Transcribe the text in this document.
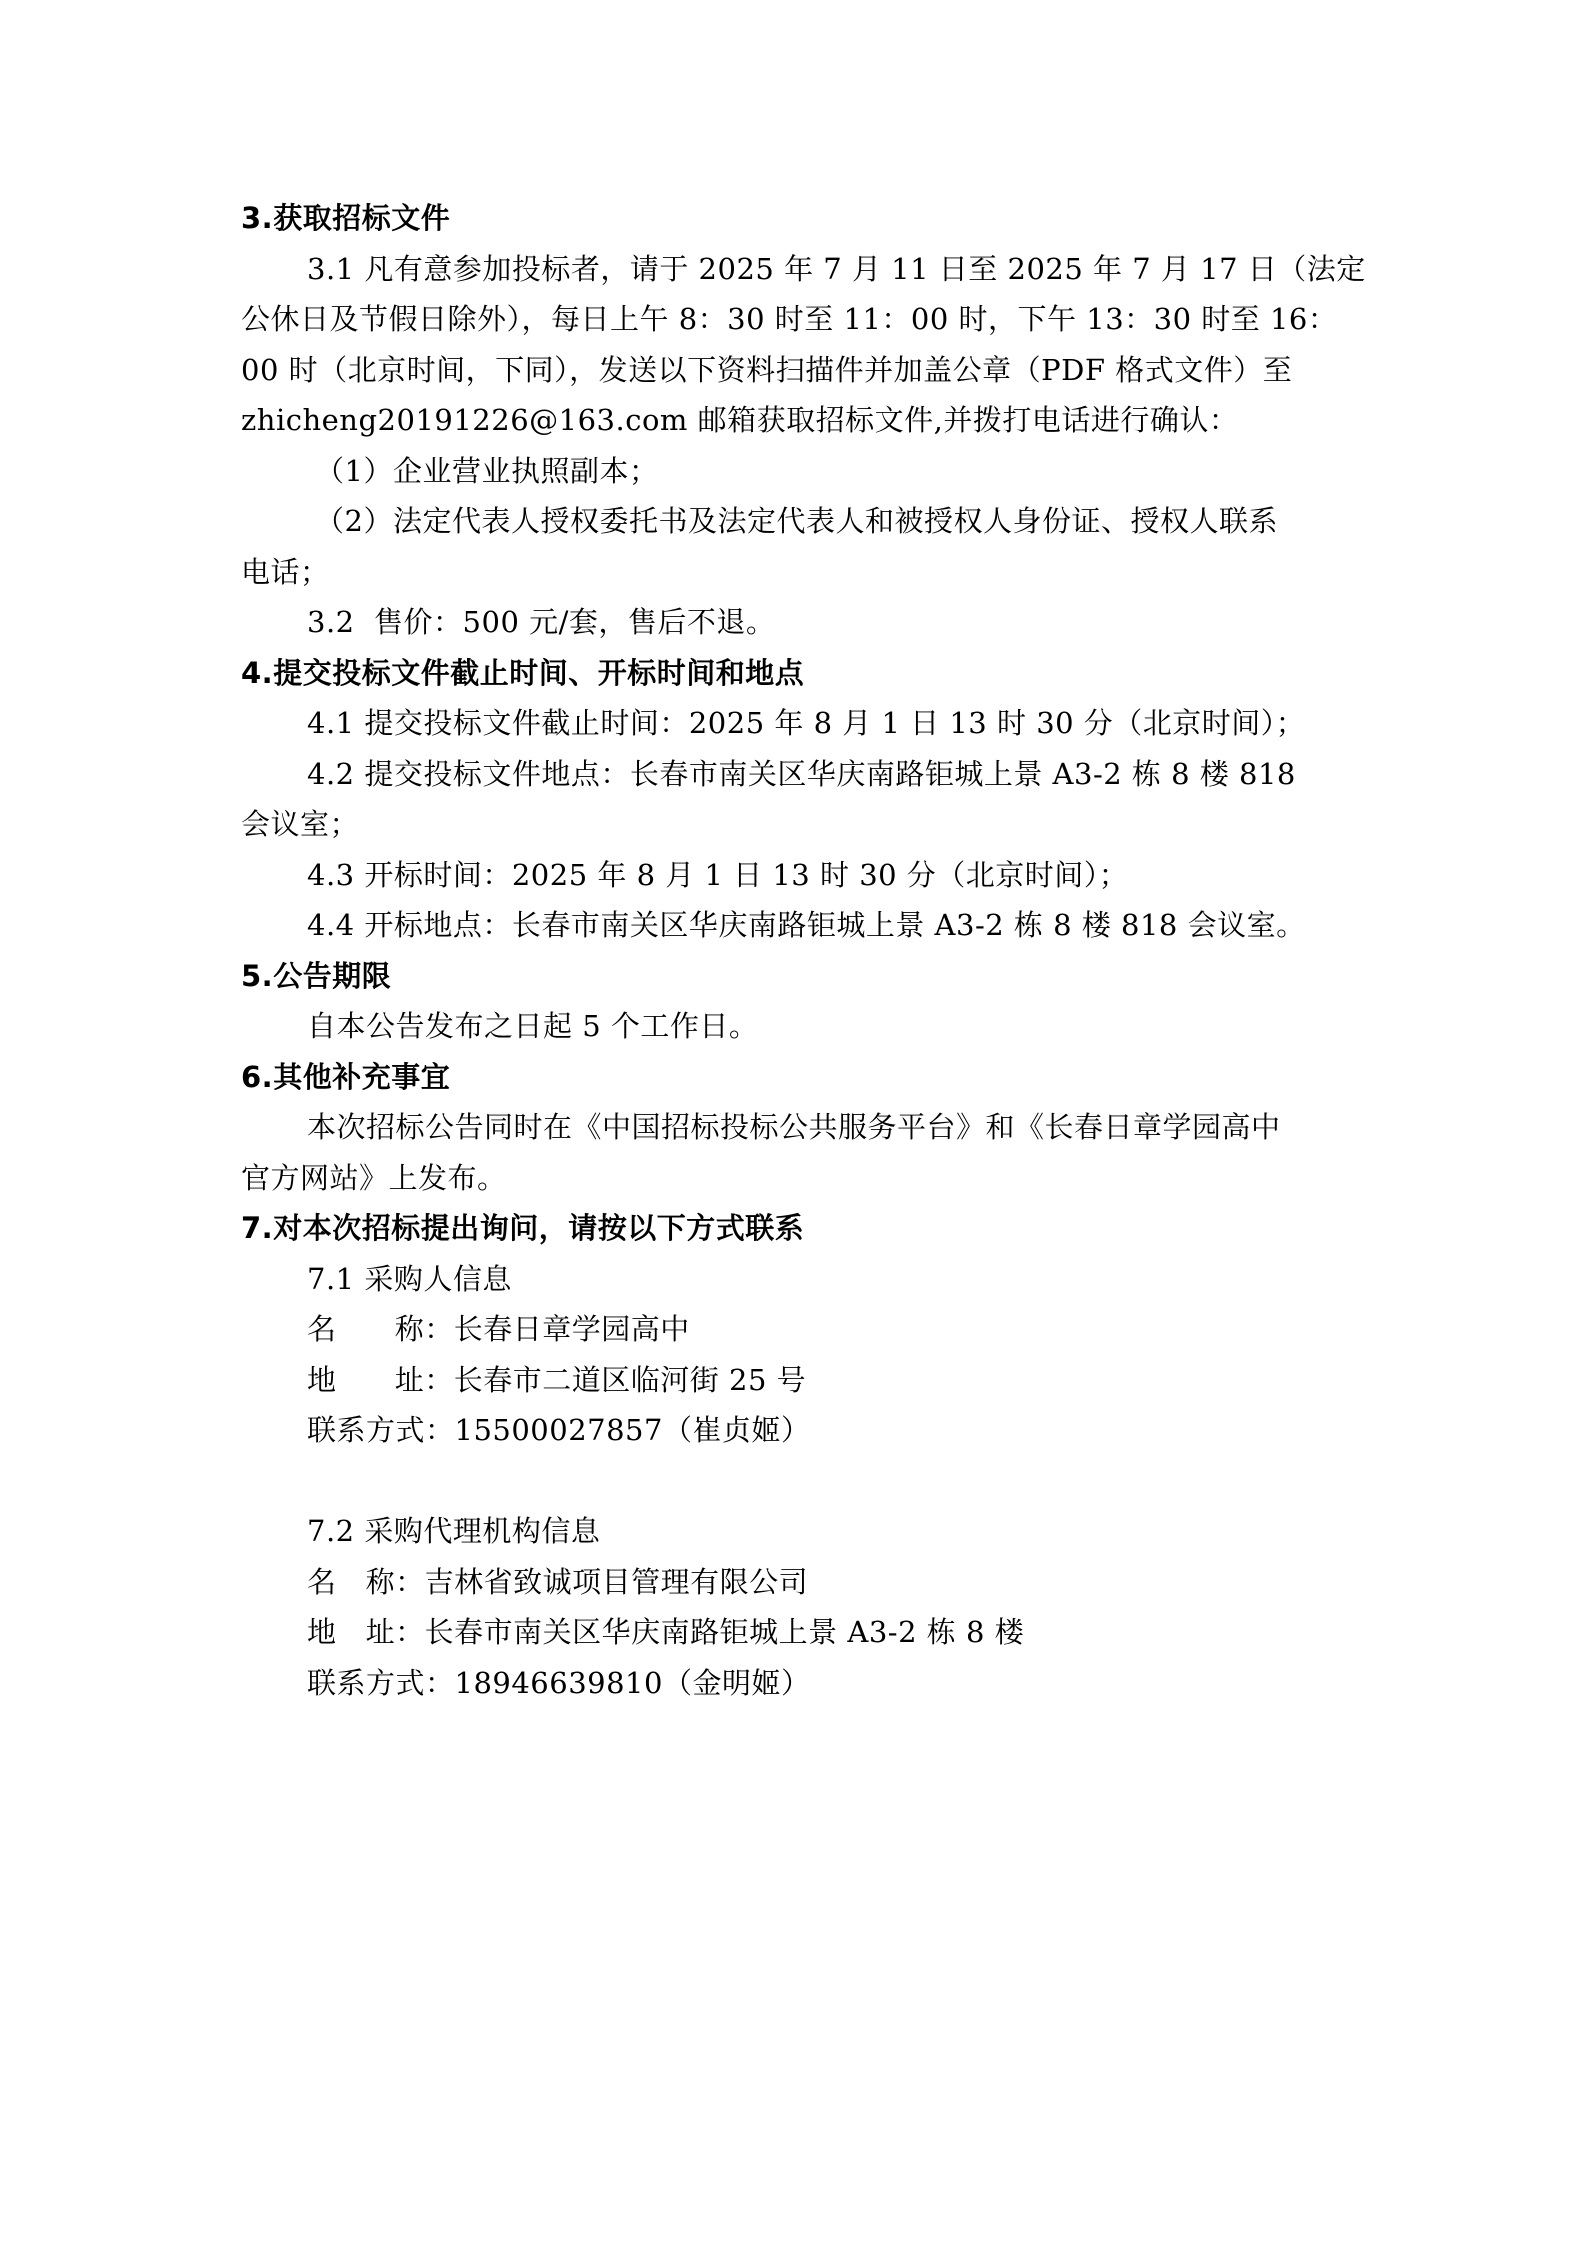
3.获取招标文件
3.1 凡有意参加投标者，请于 2025 年 7 月 11 日至 2025 年 7 月 17 日（法定
公休日及节假日除外），每日上午 8：30 时至 11：00 时，下午 13：30 时至 16：
00 时（北京时间，下同），发送以下资料扫描件并加盖公章（PDF 格式文件）至
zhicheng20191226@163.com 邮箱获取招标文件,并拨打电话进行确认：
（1）企业营业执照副本；
（2）法定代表人授权委托书及法定代表人和被授权人身份证、授权人联系
电话；
3.2  售价：500 元/套，售后不退。
4.提交投标文件截止时间、开标时间和地点
4.1 提交投标文件截止时间：2025 年 8 月 1 日 13 时 30 分（北京时间）；
4.2 提交投标文件地点：长春市南关区华庆南路钜城上景 A3-2 栋 8 楼 818
会议室；
4.3 开标时间：2025 年 8 月 1 日 13 时 30 分（北京时间）；
4.4 开标地点：长春市南关区华庆南路钜城上景 A3-2 栋 8 楼 818 会议室。
5.公告期限
自本公告发布之日起 5 个工作日。
6.其他补充事宜
本次招标公告同时在《中国招标投标公共服务平台》和《长春日章学园高中
官方网站》上发布。
7.对本次招标提出询问，请按以下方式联系
7.1 采购人信息
名      称：长春日章学园高中
地      址：长春市二道区临河街 25 号
联系方式：15500027857（崔贞姬）
7.2 采购代理机构信息
名   称：吉林省致诚项目管理有限公司
地   址：长春市南关区华庆南路钜城上景 A3-2 栋 8 楼
联系方式：18946639810（金明姬）
